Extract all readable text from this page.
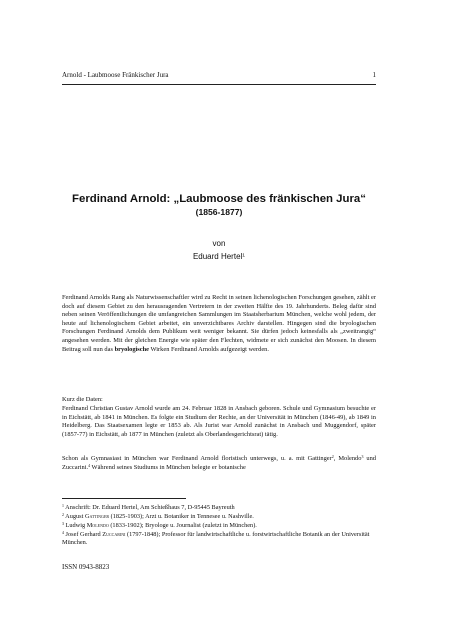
Arnold - Laubmoose Fränkischer Jura	1
Ferdinand Arnold: „Laubmoose des fränkischen Jura“
(1856-1877)
von
Eduard Hertel$^1$
Ferdinand Arnolds Rang als Naturwissenschaftler wird zu Recht in seinen lichenologischen Forschungen gesehen, zählt er doch auf diesem Gebiet zu den herausragenden Vertretern in der zweiten Hälfte des 19. Jahrhunderts. Beleg dafür sind neben seinen Veröffentlichungen die umfangreichen Sammlungen im Staatsherbarium München, welche wohl jedem, der heute auf lichenologischem Gebiet arbeitet, ein unverzichtbares Archiv darstellen. Hingegen sind die bryologischen Forschungen Ferdinand Arnolds dem Publikum weit weniger bekannt. Sie dürfen jedoch keinesfalls als „zweitrangig“ angesehen werden. Mit der gleichen Energie wie später den Flechten, widmete er sich zunächst den Moosen. In diesem Beitrag soll nun das bryologische Wirken Ferdinand Arnolds aufgezeigt werden.
Kurz die Daten:
Ferdinand Christian Gustav Arnold wurde am 24. Februar 1828 in Ansbach geboren. Schule und Gymnasium besuchte er in Eichstätt, ab 1841 in München. Es folgte ein Studium der Rechte, an der Universität in München (1846-49), ab 1849 in Heidelberg. Das Staatsexamen legte er 1853 ab. Als Jurist war Arnold zunächst in Ansbach und Muggendorf, später (1857-77) in Eichstätt, ab 1877 in München (zuletzt als Oberlandesgerichtsrat) tätig.
Schon als Gymnasiast in München war Ferdinand Arnold floristisch unterwegs, u. a. mit Gattinger$^2$, Molendo$^3$ und Zuccarini.$^4$ Während seines Studiums in München belegte er botanische
$^1$ Anschrift: Dr. Eduard Hertel, Am Schießhaus 7, D-95445 Bayreuth
$^2$ August Gattinger (1825-1903); Arzt u. Botaniker in Tennesee u. Nashville.
$^3$ Ludwig Molendo (1833-1902); Bryologe u. Journalist (zuletzt in München).
$^4$ Josef Gerhard Zuccarini (1797-1848); Professor für landwirtschaftliche u. forstwirtschaftliche Botanik an der Universität München.
ISSN 0943-8823
